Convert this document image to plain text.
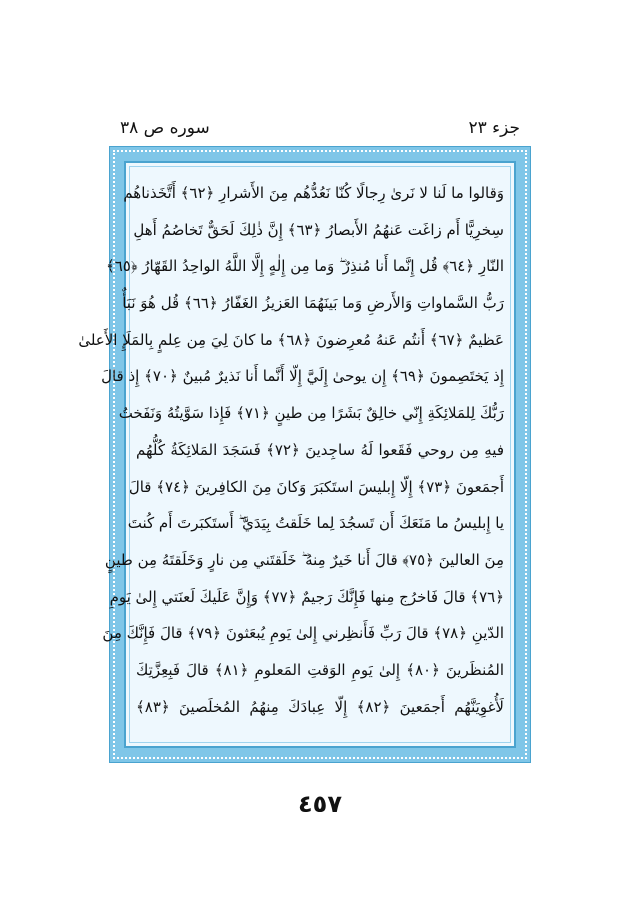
جزء ٢٣
سوره ص ٣٨
وَقالوا ما لَنا لا نَرىٰ رِجالًا كُنّا نَعُدُّهُم مِنَ الأَشرارِ ﴿٦٢﴾ أَتَّخَذناهُم
سِخرِيًّا أَم زاغَت عَنهُمُ الأَبصارُ ﴿٦٣﴾ إِنَّ ذٰلِكَ لَحَقٌّ تَخاصُمُ أَهلِ
النّارِ ﴿٦٤﴾ قُل إِنَّما أَنا مُنذِرٌ ۖ وَما مِن إِلٰهٍ إِلَّا اللَّهُ الواحِدُ القَهّارُ ﴿٦٥﴾
رَبُّ السَّماواتِ وَالأَرضِ وَما بَينَهُمَا العَزيزُ الغَفّارُ ﴿٦٦﴾ قُل هُوَ نَبَأٌ
عَظيمٌ ﴿٦٧﴾ أَنتُم عَنهُ مُعرِضونَ ﴿٦٨﴾ ما كانَ لِيَ مِن عِلمٍ بِالمَلَإِ الأَعلىٰ
إِذ يَختَصِمونَ ﴿٦٩﴾ إِن يوحىٰ إِلَيَّ إِلّا أَنَّما أَنا نَذيرٌ مُبينٌ ﴿٧٠﴾ إِذ قالَ
رَبُّكَ لِلمَلائِكَةِ إِنّي خالِقٌ بَشَرًا مِن طينٍ ﴿٧١﴾ فَإِذا سَوَّيتُهُ وَنَفَختُ
فيهِ مِن روحي فَقَعوا لَهُ ساجِدينَ ﴿٧٢﴾ فَسَجَدَ المَلائِكَةُ كُلُّهُم
أَجمَعونَ ﴿٧٣﴾ إِلّا إِبليسَ استَكبَرَ وَكانَ مِنَ الكافِرينَ ﴿٧٤﴾ قالَ
يا إِبليسُ ما مَنَعَكَ أَن تَسجُدَ لِما خَلَقتُ بِيَدَيَّ ۖ أَستَكبَرتَ أَم كُنتَ
مِنَ العالينَ ﴿٧٥﴾ قالَ أَنا خَيرٌ مِنهُ ۖ خَلَقتَني مِن نارٍ وَخَلَقتَهُ مِن طينٍ
﴿٧٦﴾ قالَ فَاخرُج مِنها فَإِنَّكَ رَجيمٌ ﴿٧٧﴾ وَإِنَّ عَلَيكَ لَعنَتي إِلىٰ يَومِ
الدّينِ ﴿٧٨﴾ قالَ رَبِّ فَأَنظِرني إِلىٰ يَومِ يُبعَثونَ ﴿٧٩﴾ قالَ فَإِنَّكَ مِنَ
المُنظَرينَ ﴿٨٠﴾ إِلىٰ يَومِ الوَقتِ المَعلومِ ﴿٨١﴾ قالَ فَبِعِزَّتِكَ
لَأُغوِيَنَّهُم أَجمَعينَ ﴿٨٢﴾ إِلّا عِبادَكَ مِنهُمُ المُخلَصينَ ﴿٨٣﴾
٤٥٧
